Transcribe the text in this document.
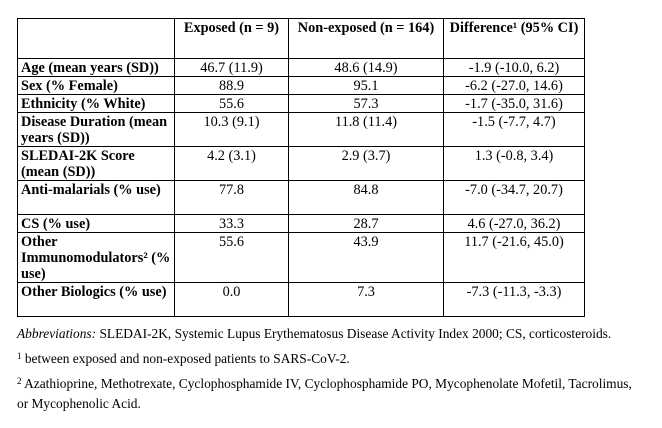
	Exposed (n = 9)	Non-exposed (n = 164)	Difference¹ (95% CI)
Age (mean years (SD))	46.7 (11.9)	48.6 (14.9)	-1.9 (-10.0, 6.2)
Sex (% Female)	88.9	95.1	-6.2 (-27.0, 14.6)
Ethnicity (% White)	55.6	57.3	-1.7 (-35.0, 31.6)
Disease Duration (mean years (SD))	10.3 (9.1)	11.8 (11.4)	-1.5 (-7.7, 4.7)
SLEDAI-2K Score (mean (SD))	4.2 (3.1)	2.9 (3.7)	1.3 (-0.8, 3.4)
Anti-malarials (% use)	77.8	84.8	-7.0 (-34.7, 20.7)
CS (% use)	33.3	28.7	4.6 (-27.0, 36.2)
Other Immunomodulators² (% use)	55.6	43.9	11.7 (-21.6, 45.0)
Other Biologics (% use)	0.0	7.3	-7.3 (-11.3, -3.3)
Abbreviations: SLEDAI-2K, Systemic Lupus Erythematosus Disease Activity Index 2000; CS, corticosteroids.
$^1$ between exposed and non-exposed patients to SARS-CoV-2.
$^2$ Azathioprine, Methotrexate, Cyclophosphamide IV, Cyclophosphamide PO, Mycophenolate Mofetil, Tacrolimus, or Mycophenolic Acid.
